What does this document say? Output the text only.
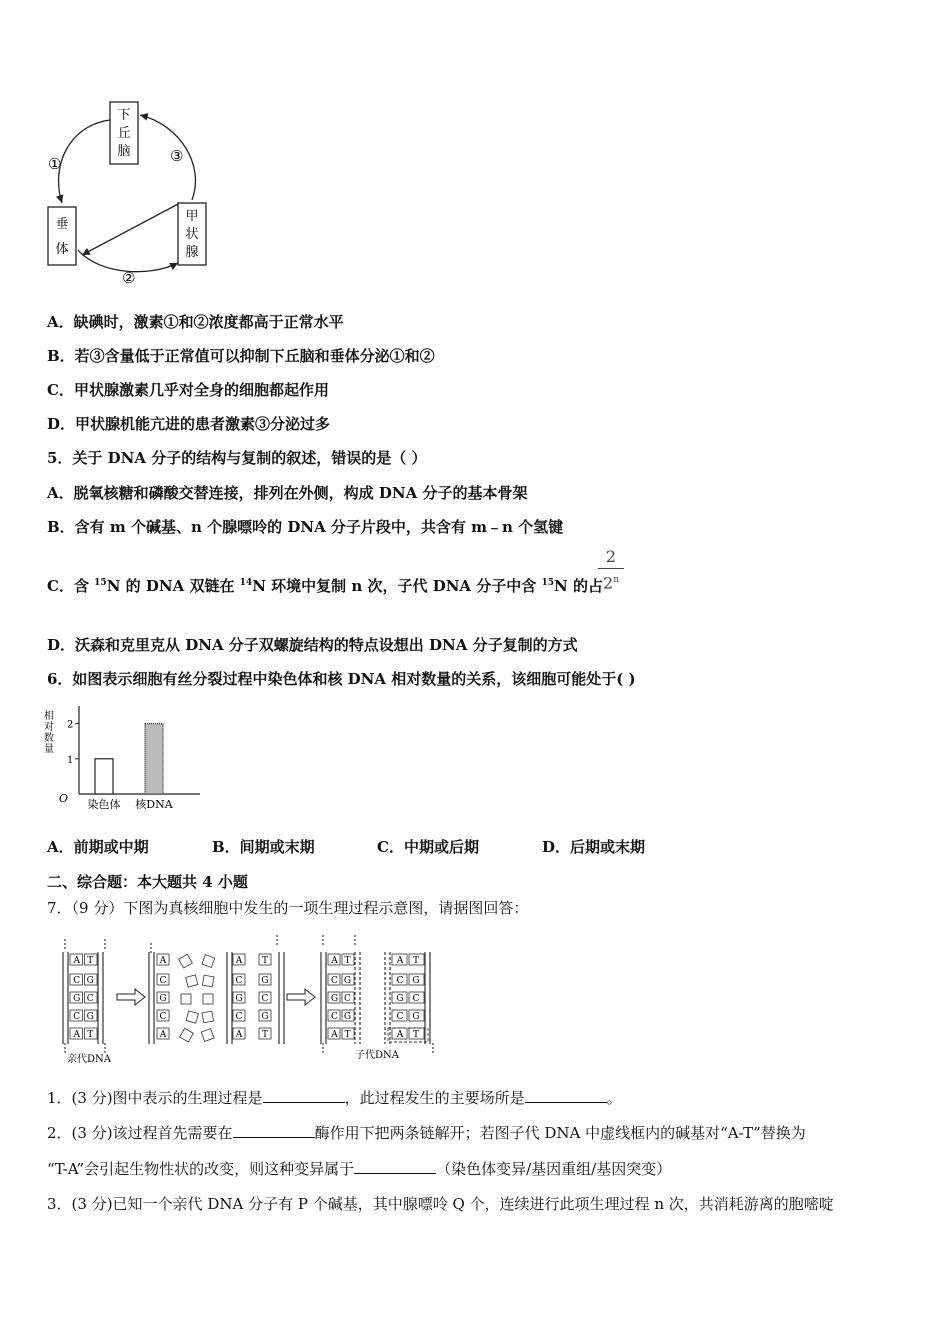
下
丘
脑
垂
体
甲
状
腺
①
②
③
A．缺碘时，激素①和②浓度都高于正常水平
B．若③含量低于正常值可以抑制下丘脑和垂体分泌①和②
C．甲状腺激素几乎对全身的细胞都起作用
D．甲状腺机能亢进的患者激素③分泌过多
5．关于 DNA 分子的结构与复制的叙述，错误的是（ ）
A．脱氧核糖和磷酸交替连接，排列在外侧，构成 DNA 分子的基本骨架
B．含有 m 个碱基、n 个腺嘌呤的 DNA 分子片段中，共含有 m﹣n 个氢键
C．含 $^{15}$N 的 DNA 双链在 $^{14}$N 环境中复制 n 次，子代 DNA 分子中含 $^{15}$N 的占
2
2$^n$
D．沃森和克里克从 DNA 分子双螺旋结构的特点设想出 DNA 分子复制的方式
6．如图表示细胞有丝分裂过程中染色体和核 DNA 相对数量的关系，该细胞可能处于( )
相对数量
O
1
2
染色体 核DNA
A．前期或中期	B．间期或末期	C．中期或后期	D．后期或末期
二、综合题：本大题共 4 小题
7．（9 分）下图为真核细胞中发生的一项生理过程示意图，请据图回答：
A T
C G
G C
C G
A T
A	A T
C	C G
G	G C
C	C G
A	A T
A T
C G
G C
C G
A T
A T
C G
G C
C G
A T
亲代DNA	子代DNA
1．(3 分)图中表示的生理过程是	，此过程发生的主要场所是	。
2．(3 分)该过程首先需要在	酶作用下把两条链解开；若图子代 DNA 中虚线框内的碱基对“A-T”替换为
“T-A”会引起生物性状的改变，则这种变异属于	（染色体变异/基因重组/基因突变）
3．(3 分)已知一个亲代 DNA 分子有 P 个碱基，其中腺嘌呤 Q 个，连续进行此项生理过程 n 次，共消耗游离的胞嘧啶
